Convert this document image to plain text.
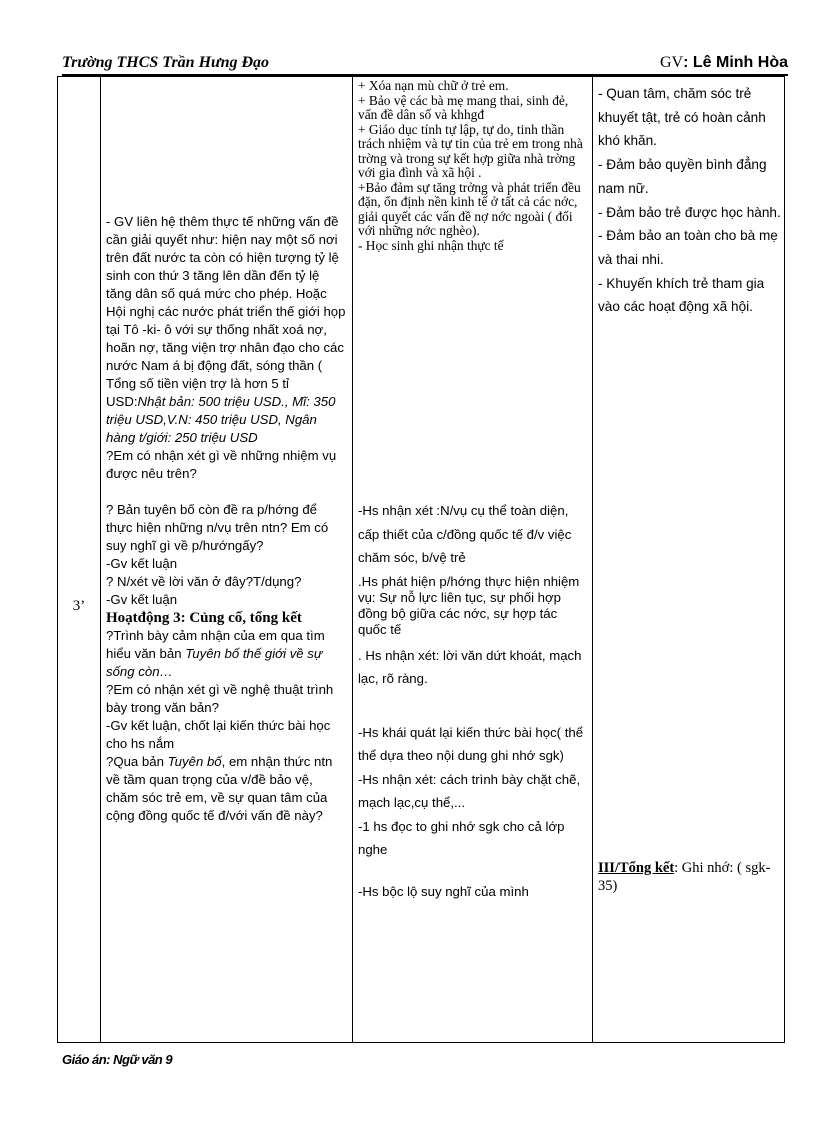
Trường THCS Trần Hưng Đạo	GV: Lê Minh Hòa
3’

- GV liên hệ thêm thực tế những vấn đề cần giải quyết như: hiện nay một số nơi trên đất nước ta còn có hiện tượng tỷ lệ sinh con thứ 3 tăng lên dần đến tỷ lệ tăng dân số quá mức cho phép. Hoặc Hội nghị các nước phát triển thế giới họp tại Tô -ki- ô với sự thống nhất xoá nợ, hoãn nợ, tăng viện trợ nhân đạo cho các nước Nam á bị động đất, sóng thần ( Tổng số tiền viện trợ là hơn 5 tỉ USD:Nhật bản: 500 triệu USD., Mĩ: 350 triệu USD,V.N: 450 triệu USD, Ngân hàng t/giới: 250 triệu USD

?Em có nhận xét gì về những nhiệm vụ được nêu trên?

? Bản tuyên bố còn đề ra p/hớng để thực hiện những n/vụ trên ntn? Em có suy nghĩ gì về p/hướngấy?

-Gv kết luận

? N/xét về lời văn ở đây?T/dụng?

-Gv kết luận

Hoạtđộng 3: Củng cố, tổng kết

?Trình bày cảm nhận của em qua tìm hiểu văn bản Tuyên bố thế giới về sự sống còn…

?Em có nhận xét gì về nghệ thuật trình bày trong văn bản?

-Gv kết luận, chốt lại kiến thức bài học cho hs nắm

?Qua bản Tuyên bố, em nhận thức ntn về tầm quan trọng của v/đề bảo vệ, chăm sóc trẻ em, về sự quan tâm của cộng đồng quốc tế đ/với vấn đề này?

+ Xóa nạn mù chữ ở trẻ em.

+ Bảo vệ các bà mẹ mang thai, sinh đẻ, vấn đề dân số và khhgđ

+ Giáo dục tính tự lập, tự do, tinh thần trách nhiệm và tự tin của trẻ em trong nhà trờng và trong sự kết hợp giữa nhà trờng với gia đình và xã hội .

+Bảo đảm sự tăng trởng và phát triển đều đặn, ổn định nền kinh tế ở tất cả các nớc, giải quyết các vấn đề nợ nớc ngoài ( đối với những nớc nghèo).

- Học sinh ghi nhận thực tế

-Hs nhận xét :N/vụ cụ thể toàn diện, cấp thiết của c/đồng quốc tế đ/v việc chăm sóc, b/vệ trẻ

.Hs phát hiện p/hớng thực hiện nhiệm vụ: Sự nỗ lực liên tục, sự phối hợp đồng bộ giữa các nớc, sự hợp tác quốc tế

. Hs nhận xét: lời văn dứt khoát, mạch lạc, rõ ràng.

-Hs khái quát lại kiến thức bài học( thể thể dựa theo nội dung ghi nhớ sgk)

-Hs nhận xét: cách trình bày chặt chẽ, mạch lạc,cụ thể,...

-1 hs đọc to ghi nhớ sgk cho cả lớp nghe

-Hs bộc lộ suy nghĩ của mình

- Quan tâm, chăm sóc trẻ khuyết tật, trẻ có hoàn cảnh khó khăn.

- Đảm bảo quyền bình đẳng nam nữ.

- Đảm bảo trẻ được học hành.

- Đảm bảo an toàn cho bà mẹ và thai nhi.

- Khuyến khích trẻ tham gia vào các hoạt động xã hội.

III/Tổng kết: Ghi nhớ: ( sgk-35)

Giáo án: Ngữ văn 9
